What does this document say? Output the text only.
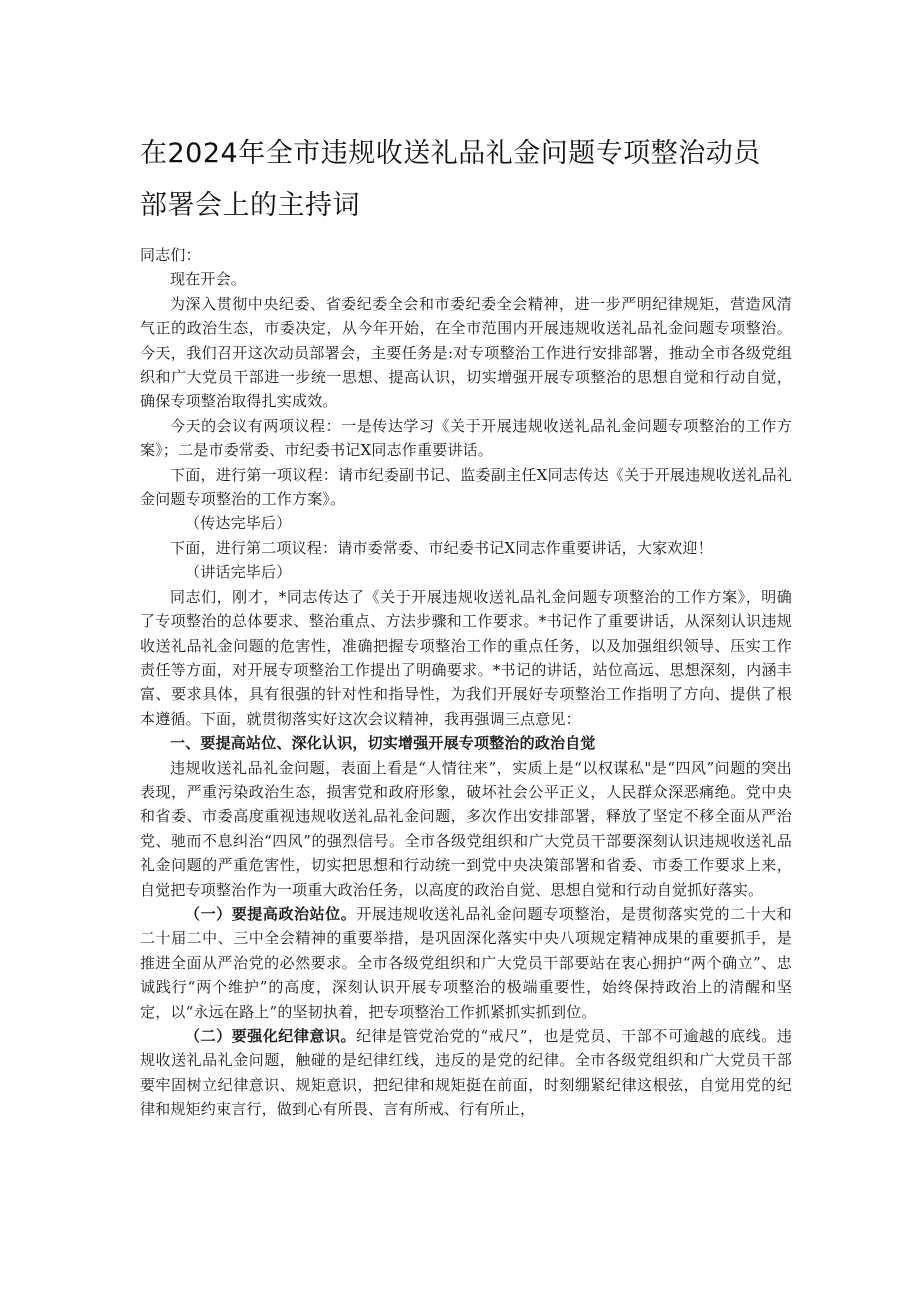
在2024年全市违规收送礼品礼金问题专项整治动员
部署会上的主持词

同志们：

现在开会。

为深入贯彻中央纪委、省委纪委全会和市委纪委全会精神，进一步严明纪律规矩，营造风清气正的政治生态，市委决定，从今年开始，在全市范围内开展违规收送礼品礼金问题专项整治。今天，我们召开这次动员部署会，主要任务是:对专项整治工作进行安排部署，推动全市各级党组织和广大党员干部进一步统一思想、提高认识，切实增强开展专项整治的思想自觉和行动自觉，确保专项整治取得扎实成效。

今天的会议有两项议程：一是传达学习《关于开展违规收送礼品礼金问题专项整治的工作方案》；二是市委常委、市纪委书记X同志作重要讲话。

下面，进行第一项议程：请市纪委副书记、监委副主任X同志传达《关于开展违规收送礼品礼金问题专项整治的工作方案》。

（传达完毕后）

下面，进行第二项议程：请市委常委、市纪委书记X同志作重要讲话，大家欢迎！

（讲话完毕后）

同志们，刚才，*同志传达了《关于开展违规收送礼品礼金问题专项整治的工作方案》，明确了专项整治的总体要求、整治重点、方法步骤和工作要求。*书记作了重要讲话，从深刻认识违规收送礼品礼金问题的危害性，准确把握专项整治工作的重点任务，以及加强组织领导、压实工作责任等方面，对开展专项整治工作提出了明确要求。*书记的讲话，站位高远、思想深刻，内涵丰富、要求具体，具有很强的针对性和指导性，为我们开展好专项整治工作指明了方向、提供了根本遵循。下面，就贯彻落实好这次会议精神，我再强调三点意见：

一、要提高站位、深化认识，切实增强开展专项整治的政治自觉

违规收送礼品礼金问题，表面上看是“人情往来”，实质上是“以权谋私"是“四风”问题的突出表现，严重污染政治生态，损害党和政府形象，破坏社会公平正义，人民群众深恶痛绝。党中央和省委、市委高度重视违规收送礼品礼金问题，多次作出安排部署，释放了坚定不移全面从严治党、驰而不息纠治“四风”的强烈信号。全市各级党组织和广大党员干部要深刻认识违规收送礼品礼金问题的严重危害性，切实把思想和行动统一到党中央决策部署和省委、市委工作要求上来，自觉把专项整治作为一项重大政治任务，以高度的政治自觉、思想自觉和行动自觉抓好落实。

（一）要提高政治站位。开展违规收送礼品礼金问题专项整治，是贯彻落实党的二十大和二十届二中、三中全会精神的重要举措，是巩固深化落实中央八项规定精神成果的重要抓手，是推进全面从严治党的必然要求。全市各级党组织和广大党员干部要站在衷心拥护“两个确立”、忠诚践行“两个维护”的高度，深刻认识开展专项整治的极端重要性，始终保持政治上的清醒和坚定，以“永远在路上”的坚韧执着，把专项整治工作抓紧抓实抓到位。

（二）要强化纪律意识。纪律是管党治党的“戒尺”，也是党员、干部不可逾越的底线。违规收送礼品礼金问题，触碰的是纪律红线，违反的是党的纪律。全市各级党组织和广大党员干部要牢固树立纪律意识、规矩意识，把纪律和规矩挺在前面，时刻绷紧纪律这根弦，自觉用党的纪律和规矩约束言行，做到心有所畏、言有所戒、行有所止，
